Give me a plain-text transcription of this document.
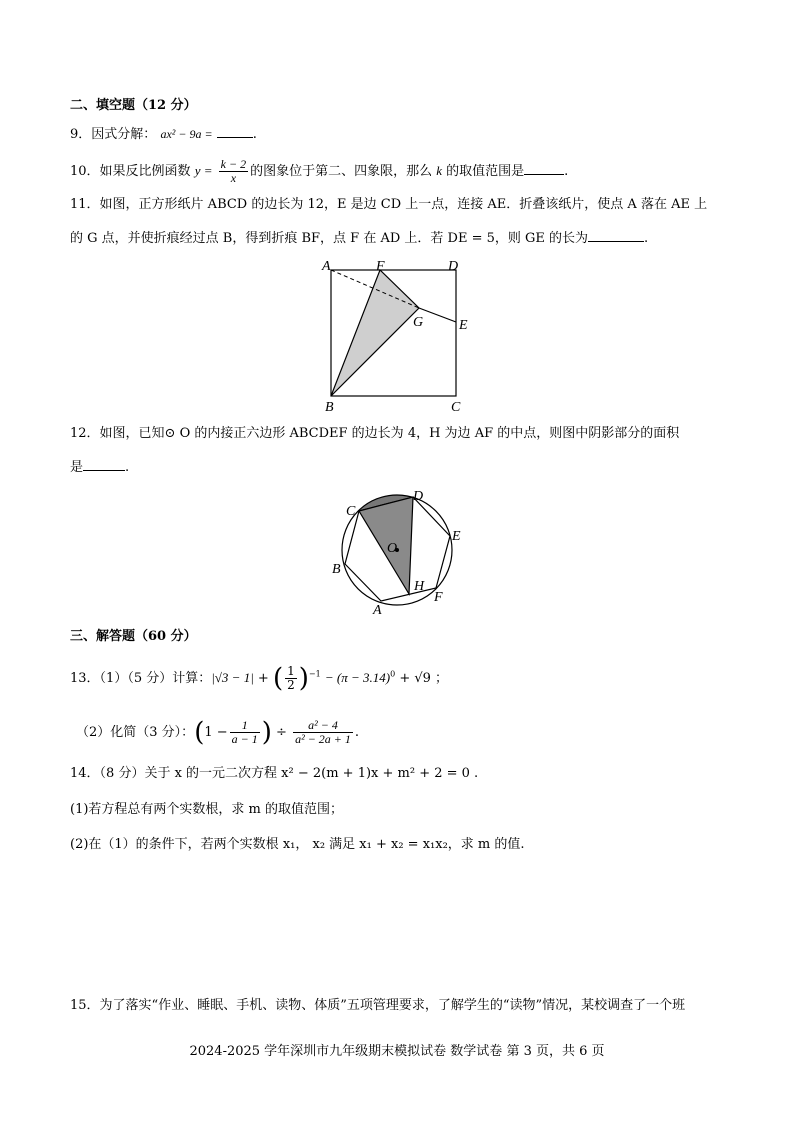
二、填空题（12 分）
9．因式分解： ax² − 9a =	.
10．如果反比例函数 $y = \frac{k - 2}{x}$ 的图象位于第二、四象限，那么 k 的取值范围是	.
11．如图，正方形纸片 ABCD 的边长为 12，E 是边 CD 上一点，连接 AE．折叠该纸片，使点 A 落在 AE 上
的 G 点，并使折痕经过点 B，得到折痕 BF，点 F 在 AD 上．若 DE = 5，则 GE 的长为	.
A	F	D
G	E
B	C
12．如图，已知⊙ O 的内接正六边形 ABCDEF 的边长为 4，H 为边 AF 的中点，则图中阴影部分的面积
是	.
C
D
E
F
H
O
B
A
三、解答题（60 分）
13．（1）（5 分）计算：|√3 − 1| + ( $\frac{1}{2} )^{-1} - (\pi - 3.14)^0 + √9$ ；
（2）化简（3 分）：($1 - \frac{1}{a - 1}$ ) ÷ $\frac{\text{a² − 4}}{\text{a² − 2a + 1}}$ .
14．（8 分）关于 x 的一元二次方程 x² − 2(m + 1)x + m² + 2 = 0 .
(1)若方程总有两个实数根，求 m 的取值范围；
(2)在（1）的条件下，若两个实数根 x₁， x₂ 满足 x₁ + x₂ = x₁x₂，求 m 的值.
15．为了落实“作业、睡眠、手机、读物、体质”五项管理要求，了解学生的“读物”情况，某校调查了一个班
2024-2025 学年深圳市九年级期末模拟试卷 数学试卷 第 3 页，共 6 页
